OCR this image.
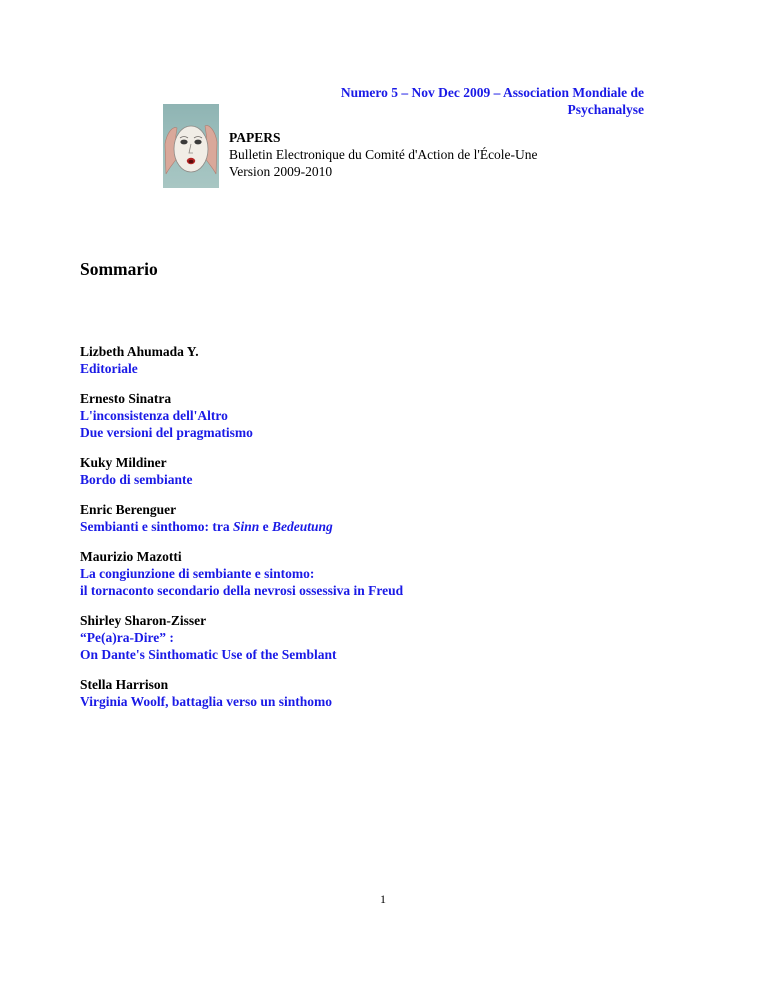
Numero 5 – Nov Dec 2009 – Association Mondiale de
Psychanalyse
PAPERS
Bulletin Electronique du Comité d'Action de l'École-Une
Version 2009-2010
Sommario
Lizbeth Ahumada Y.
Editoriale
Ernesto Sinatra
L'inconsistenza dell'Altro
Due versioni del pragmatismo
Kuky Mildiner
Bordo di sembiante
Enric Berenguer
Sembianti e sinthomo: tra Sinn e Bedeutung
Maurizio Mazotti
La congiunzione di sembiante e sintomo:
il tornaconto secondario della nevrosi ossessiva in Freud
Shirley Sharon-Zisser
“Pe(a)ra-Dire” :
On Dante's Sinthomatic Use of the Semblant
Stella Harrison
Virginia Woolf, battaglia verso un sinthomo
1
